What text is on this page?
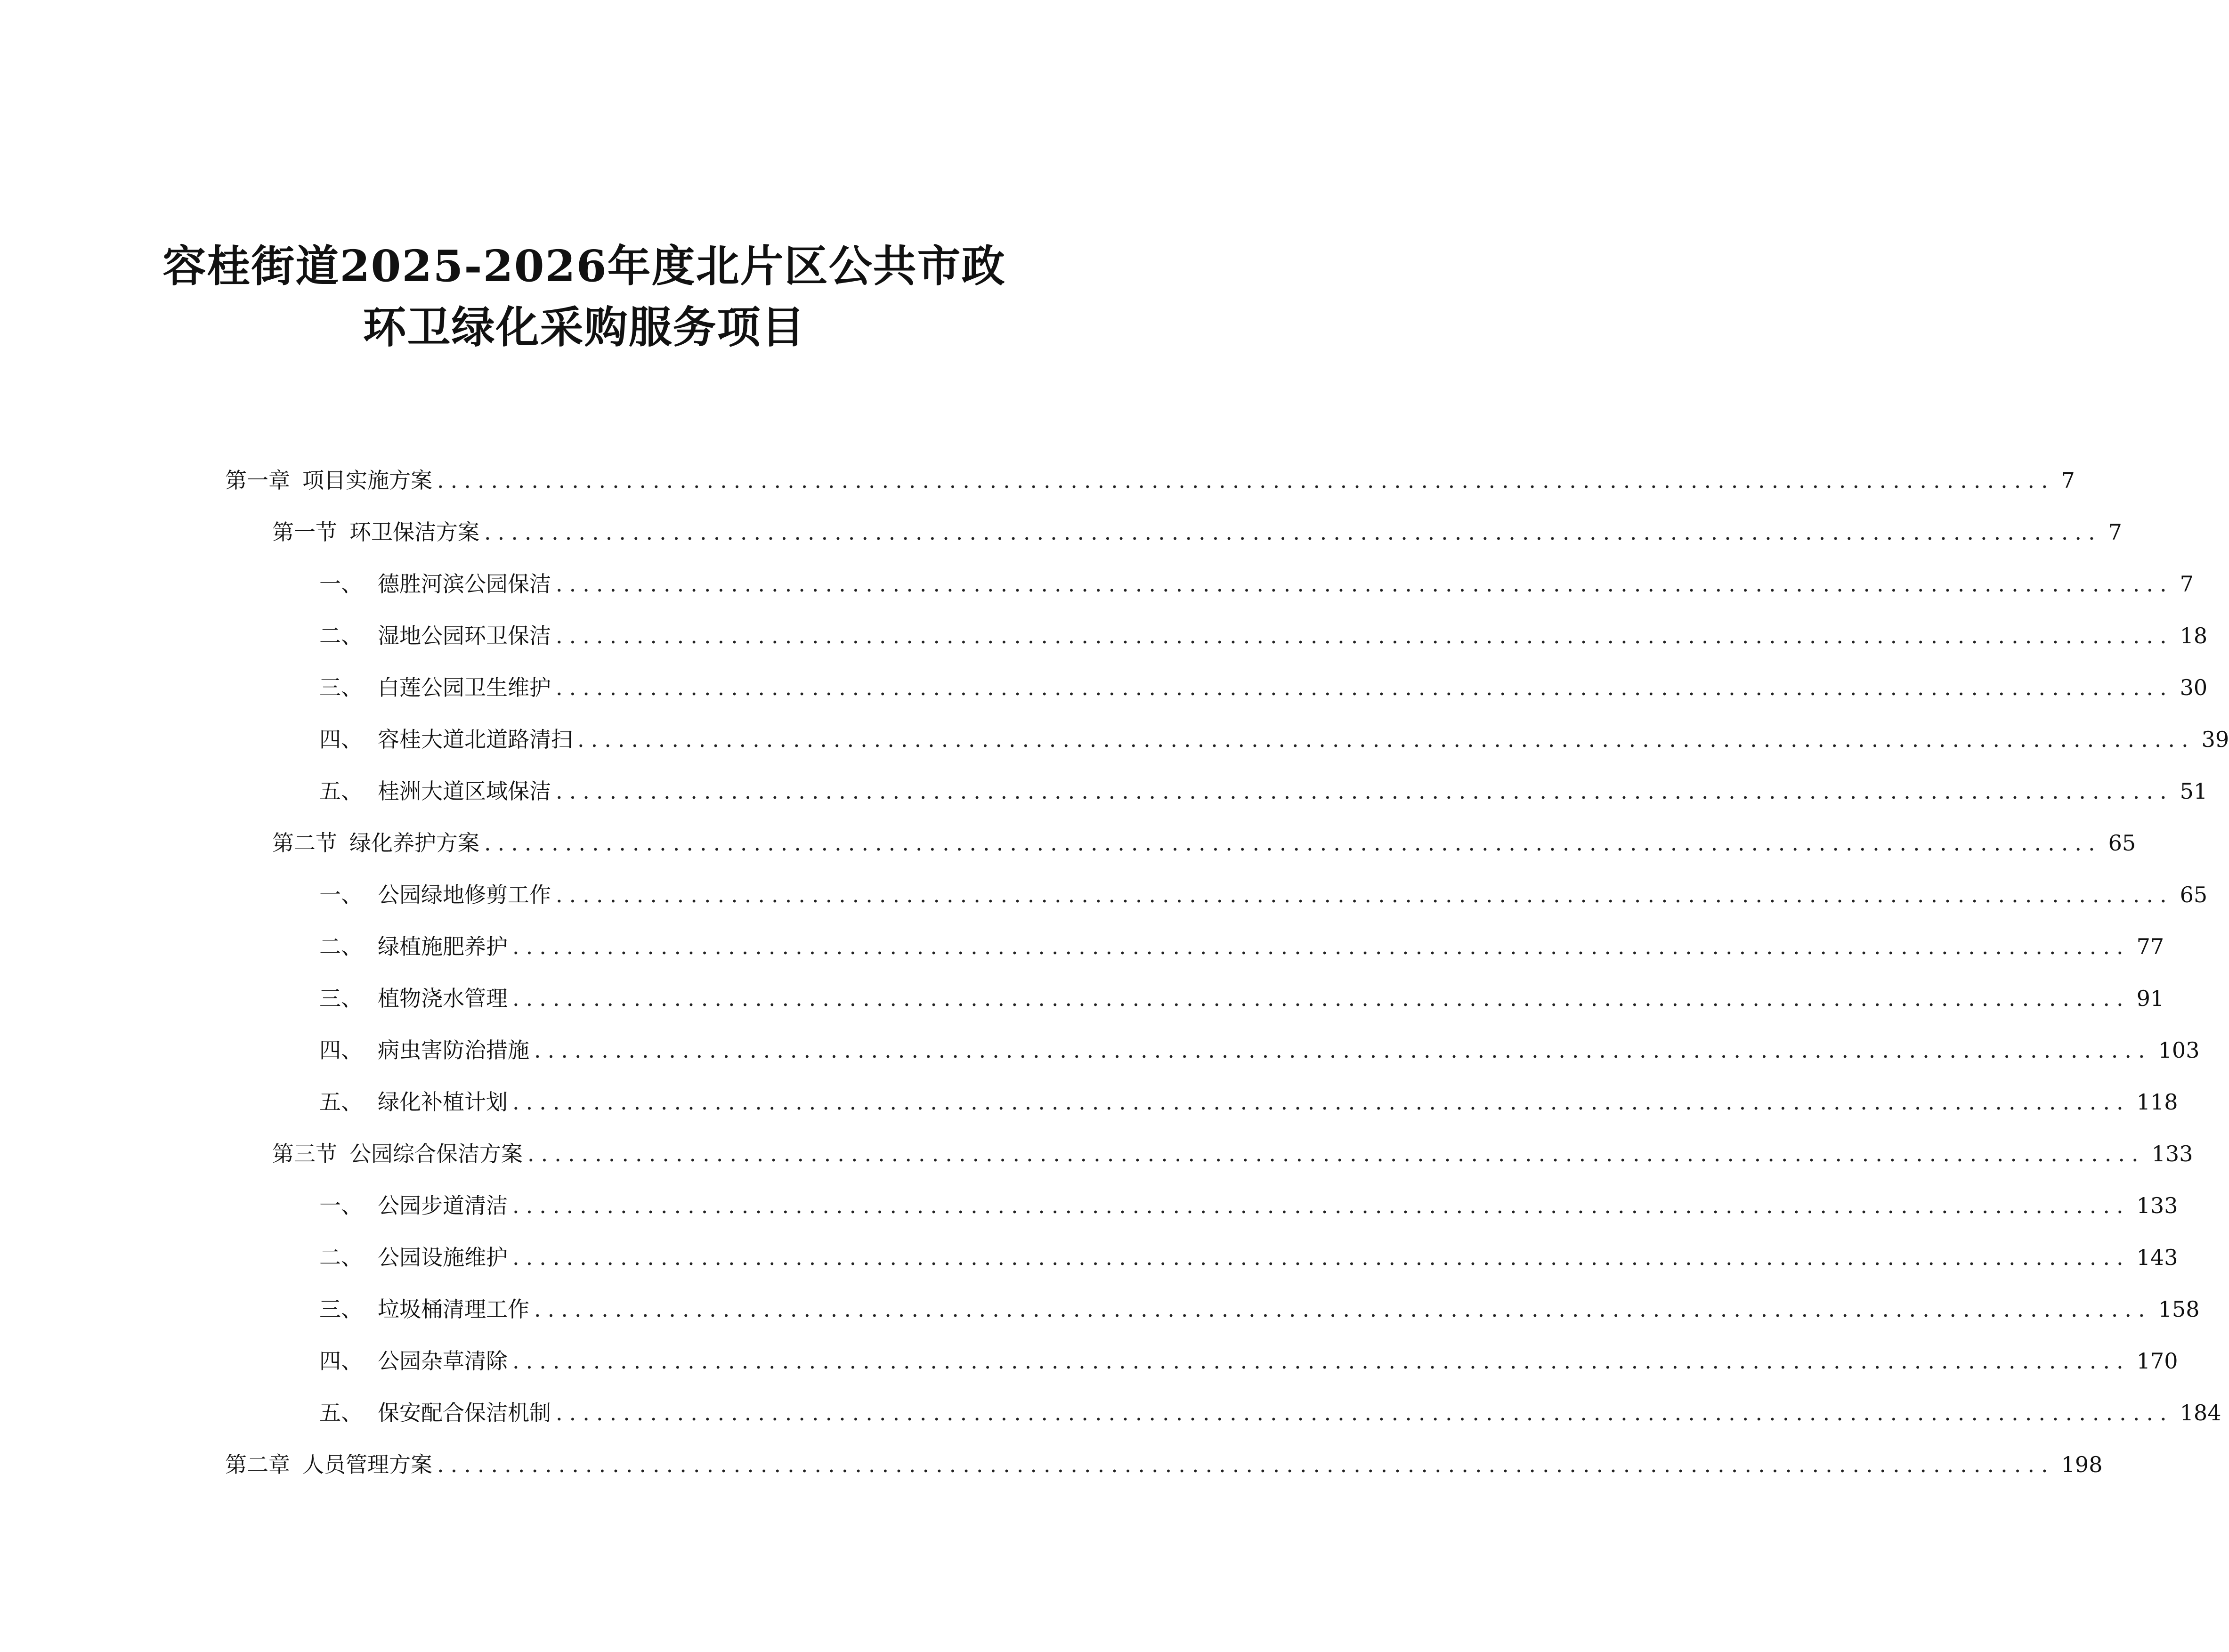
容桂街道2025-2026年度北片区公共市政
环卫绿化采购服务项目
第一章 项目实施方案 ........................................................................................................................ 7
第一节 环卫保洁方案 ........................................................................................................................ 7
一、 德胜河滨公园保洁 ........................................................................................................................ 7
二、 湿地公园环卫保洁 ........................................................................................................................ 18
三、 白莲公园卫生维护 ........................................................................................................................ 30
四、 容桂大道北道路清扫 ........................................................................................................................ 39
五、 桂洲大道区域保洁 ........................................................................................................................ 51
第二节 绿化养护方案 ........................................................................................................................ 65
一、 公园绿地修剪工作 ........................................................................................................................ 65
二、 绿植施肥养护 ........................................................................................................................ 77
三、 植物浇水管理 ........................................................................................................................ 91
四、 病虫害防治措施 ........................................................................................................................ 103
五、 绿化补植计划 ........................................................................................................................ 118
第三节 公园综合保洁方案 ........................................................................................................................ 133
一、 公园步道清洁 ........................................................................................................................ 133
二、 公园设施维护 ........................................................................................................................ 143
三、 垃圾桶清理工作 ........................................................................................................................ 158
四、 公园杂草清除 ........................................................................................................................ 170
五、 保安配合保洁机制 ........................................................................................................................ 184
第二章 人员管理方案 ........................................................................................................................ 198
